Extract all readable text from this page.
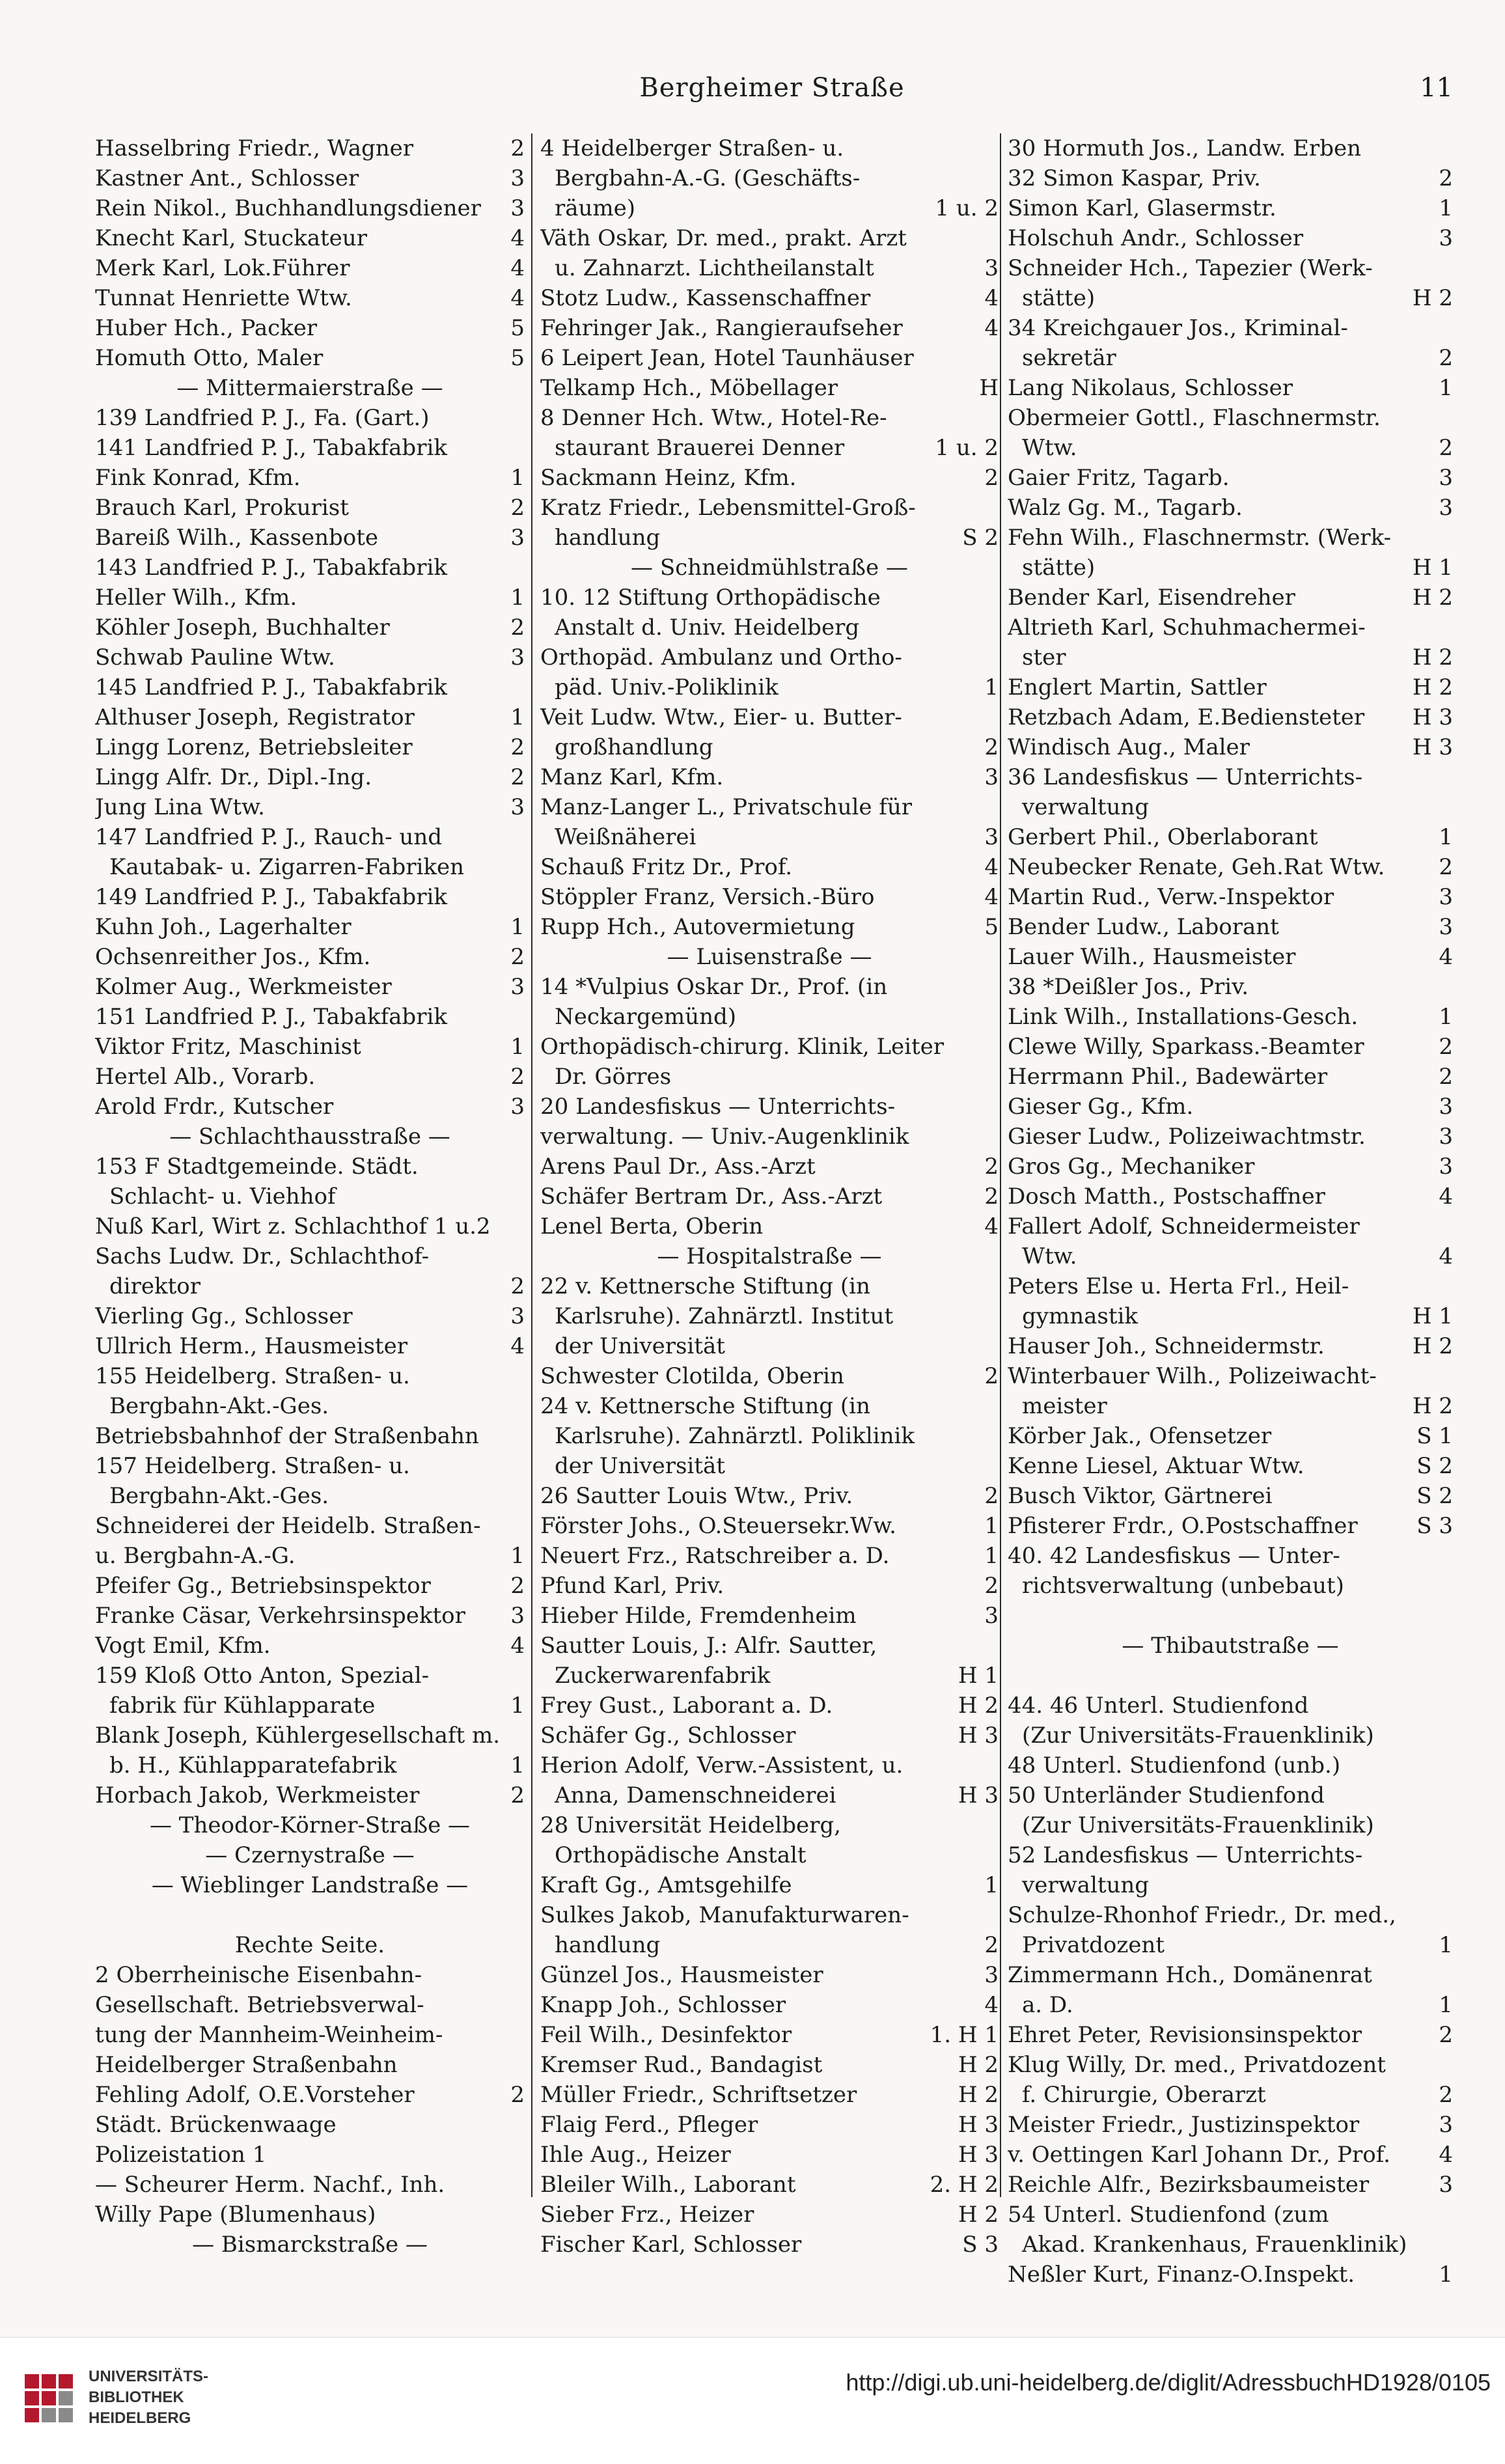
Bergheimer Straße	11
Hasselbring Friedr., Wagner	2
Kastner Ant., Schlosser	3
Rein Nikol., Buchhandlungsdiener	3
Knecht Karl, Stuckateur	4
Merk Karl, Lok.Führer	4
Tunnat Henriette Wtw.	4
Huber Hch., Packer	5
Homuth Otto, Maler	5
— Mittermaierstraße —
139 Landfried P. J., Fa. (Gart.)
141 Landfried P. J., Tabakfabrik
Fink Konrad, Kfm.	1
Brauch Karl, Prokurist	2
Bareiß Wilh., Kassenbote	3
143 Landfried P. J., Tabakfabrik
Heller Wilh., Kfm.	1
Köhler Joseph, Buchhalter	2
Schwab Pauline Wtw.	3
145 Landfried P. J., Tabakfabrik
Althuser Joseph, Registrator	1
Lingg Lorenz, Betriebsleiter	2
Lingg Alfr. Dr., Dipl.-Ing.	2
Jung Lina Wtw.	3
147 Landfried P. J., Rauch- und
Kautabak- u. Zigarren-Fabriken
149 Landfried P. J., Tabakfabrik
Kuhn Joh., Lagerhalter	1
Ochsenreither Jos., Kfm.	2
Kolmer Aug., Werkmeister	3
151 Landfried P. J., Tabakfabrik
Viktor Fritz, Maschinist	1
Hertel Alb., Vorarb.	2
Arold Frdr., Kutscher	3
— Schlachthausstraße —
153 F Stadtgemeinde. Städt.
Schlacht- u. Viehhof
Nuß Karl, Wirt z. Schlachthof 1 u.2
Sachs Ludw. Dr., Schlachthof-
direktor	2
Vierling Gg., Schlosser	3
Ullrich Herm., Hausmeister	4
155 Heidelberg. Straßen- u.
Bergbahn-Akt.-Ges.
Betriebsbahnhof der Straßenbahn
157 Heidelberg. Straßen- u.
Bergbahn-Akt.-Ges.
Schneiderei der Heidelb. Straßen-
u. Bergbahn-A.-G.	1
Pfeifer Gg., Betriebsinspektor	2
Franke Cäsar, Verkehrsinspektor	3
Vogt Emil, Kfm.	4
159 Kloß Otto Anton, Spezial-
fabrik für Kühlapparate	1
Blank Joseph, Kühlergesellschaft m.
b. H., Kühlapparatefabrik	1
Horbach Jakob, Werkmeister	2
— Theodor-Körner-Straße —
— Czernystraße —
— Wieblinger Landstraße —
Rechte Seite.
2 Oberrheinische Eisenbahn-
Gesellschaft. Betriebsverwal-
tung der Mannheim-Weinheim-
Heidelberger Straßenbahn
Fehling Adolf, O.E.Vorsteher	2
Städt. Brückenwaage
Polizeistation 1
— Scheurer Herm. Nachf., Inh.
Willy Pape (Blumenhaus)
— Bismarckstraße —
4 Heidelberger Straßen- u.
Bergbahn-A.-G. (Geschäfts-
räume)	1 u. 2
Väth Oskar, Dr. med., prakt. Arzt
u. Zahnarzt. Lichtheilanstalt	3
Stotz Ludw., Kassenschaffner	4
Fehringer Jak., Rangieraufseher	4
6 Leipert Jean, Hotel Taunhäuser
Telkamp Hch., Möbellager	H
8 Denner Hch. Wtw., Hotel-Re-
staurant Brauerei Denner	1 u. 2
Sackmann Heinz, Kfm.	2
Kratz Friedr., Lebensmittel-Groß-
handlung	S 2
— Schneidmühlstraße —
10. 12 Stiftung Orthopädische
Anstalt d. Univ. Heidelberg
Orthopäd. Ambulanz und Ortho-
päd. Univ.-Poliklinik	1
Veit Ludw. Wtw., Eier- u. Butter-
großhandlung	2
Manz Karl, Kfm.	3
Manz-Langer L., Privatschule für
Weißnäherei	3
Schauß Fritz Dr., Prof.	4
Stöppler Franz, Versich.-Büro	4
Rupp Hch., Autovermietung	5
— Luisenstraße —
14 *Vulpius Oskar Dr., Prof. (in
Neckargemünd)
Orthopädisch-chirurg. Klinik, Leiter
Dr. Görres
20 Landesfiskus — Unterrichts-
verwaltung. — Univ.-Augenklinik
Arens Paul Dr., Ass.-Arzt	2
Schäfer Bertram Dr., Ass.-Arzt	2
Lenel Berta, Oberin	4
— Hospitalstraße —
22 v. Kettnersche Stiftung (in
Karlsruhe). Zahnärztl. Institut
der Universität
Schwester Clotilda, Oberin	2
24 v. Kettnersche Stiftung (in
Karlsruhe). Zahnärztl. Poliklinik
der Universität
26 Sautter Louis Wtw., Priv.	2
Förster Johs., O.Steuersekr.Ww.	1
Neuert Frz., Ratschreiber a. D.	1
Pfund Karl, Priv.	2
Hieber Hilde, Fremdenheim	3
Sautter Louis, J.: Alfr. Sautter,
Zuckerwarenfabrik	H 1
Frey Gust., Laborant a. D.	H 2
Schäfer Gg., Schlosser	H 3
Herion Adolf, Verw.-Assistent, u.
Anna, Damenschneiderei	H 3
28 Universität Heidelberg,
Orthopädische Anstalt
Kraft Gg., Amtsgehilfe	1
Sulkes Jakob, Manufakturwaren-
handlung	2
Günzel Jos., Hausmeister	3
Knapp Joh., Schlosser	4
Feil Wilh., Desinfektor	1. H 1
Kremser Rud., Bandagist	H 2
Müller Friedr., Schriftsetzer	H 2
Flaig Ferd., Pfleger	H 3
Ihle Aug., Heizer	H 3
Bleiler Wilh., Laborant	2. H 2
Sieber Frz., Heizer	H 2
Fischer Karl, Schlosser	S 3
30 Hormuth Jos., Landw. Erben
32 Simon Kaspar, Priv.	2
Simon Karl, Glasermstr.	1
Holschuh Andr., Schlosser	3
Schneider Hch., Tapezier (Werk-
stätte)	H 2
34 Kreichgauer Jos., Kriminal-
sekretär	2
Lang Nikolaus, Schlosser	1
Obermeier Gottl., Flaschnermstr.
Wtw.	2
Gaier Fritz, Tagarb.	3
Walz Gg. M., Tagarb.	3
Fehn Wilh., Flaschnermstr. (Werk-
stätte)	H 1
Bender Karl, Eisendreher	H 2
Altrieth Karl, Schuhmachermei-
ster	H 2
Englert Martin, Sattler	H 2
Retzbach Adam, E.Bediensteter	H 3
Windisch Aug., Maler	H 3
36 Landesfiskus — Unterrichts-
verwaltung
Gerbert Phil., Oberlaborant	1
Neubecker Renate, Geh.Rat Wtw.	2
Martin Rud., Verw.-Inspektor	3
Bender Ludw., Laborant	3
Lauer Wilh., Hausmeister	4
38 *Deißler Jos., Priv.
Link Wilh., Installations-Gesch.	1
Clewe Willy, Sparkass.-Beamter	2
Herrmann Phil., Badewärter	2
Gieser Gg., Kfm.	3
Gieser Ludw., Polizeiwachtmstr.	3
Gros Gg., Mechaniker	3
Dosch Matth., Postschaffner	4
Fallert Adolf, Schneidermeister
Wtw.	4
Peters Else u. Herta Frl., Heil-
gymnastik	H 1
Hauser Joh., Schneidermstr.	H 2
Winterbauer Wilh., Polizeiwacht-
meister	H 2
Körber Jak., Ofensetzer	S 1
Kenne Liesel, Aktuar Wtw.	S 2
Busch Viktor, Gärtnerei	S 2
Pfisterer Frdr., O.Postschaffner	S 3
40. 42 Landesfiskus — Unter-
richtsverwaltung (unbebaut)
— Thibautstraße —
44. 46 Unterl. Studienfond
(Zur Universitäts-Frauenklinik)
48 Unterl. Studienfond (unb.)
50 Unterländer Studienfond
(Zur Universitäts-Frauenklinik)
52 Landesfiskus — Unterrichts-
verwaltung
Schulze-Rhonhof Friedr., Dr. med.,
Privatdozent	1
Zimmermann Hch., Domänenrat
a. D.	1
Ehret Peter, Revisionsinspektor	2
Klug Willy, Dr. med., Privatdozent
f. Chirurgie, Oberarzt	2
Meister Friedr., Justizinspektor	3
v. Oettingen Karl Johann Dr., Prof.	4
Reichle Alfr., Bezirksbaumeister	3
54 Unterl. Studienfond (zum
Akad. Krankenhaus, Frauenklinik)
Neßler Kurt, Finanz-O.Inspekt.	1
UNIVERSITÄTS-
BIBLIOTHEK
HEIDELBERG
http://digi.ub.uni-heidelberg.de/diglit/AdressbuchHD1928/0105
